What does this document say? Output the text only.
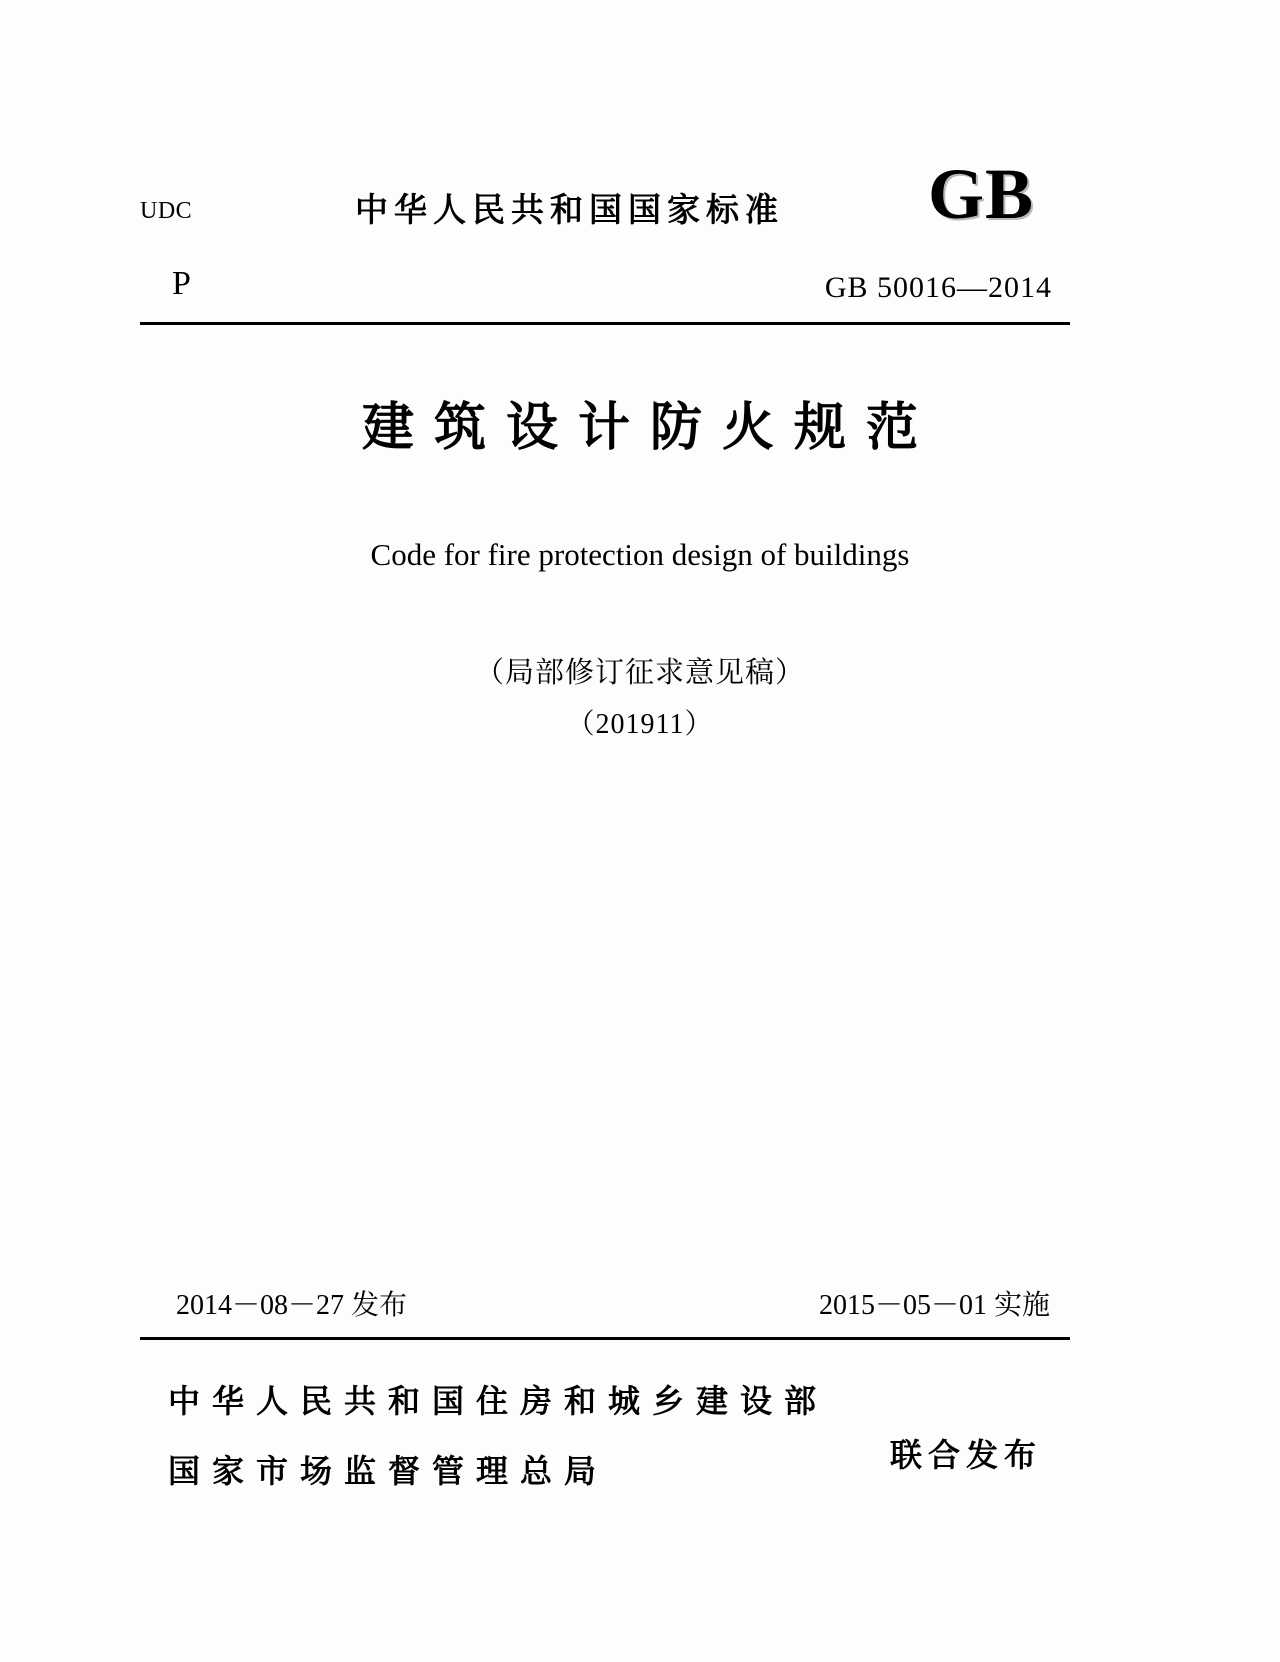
UDC	中华人民共和国国家标准 GB
P	GB 50016—2014
建筑设计防火规范
Code for fire protection design of buildings
（局部修订征求意见稿）
（201911）
2014－08－27 发布	2015－05－01 实施
中华人民共和国住房和城乡建设部
国家市场监督管理总局	联合发布
